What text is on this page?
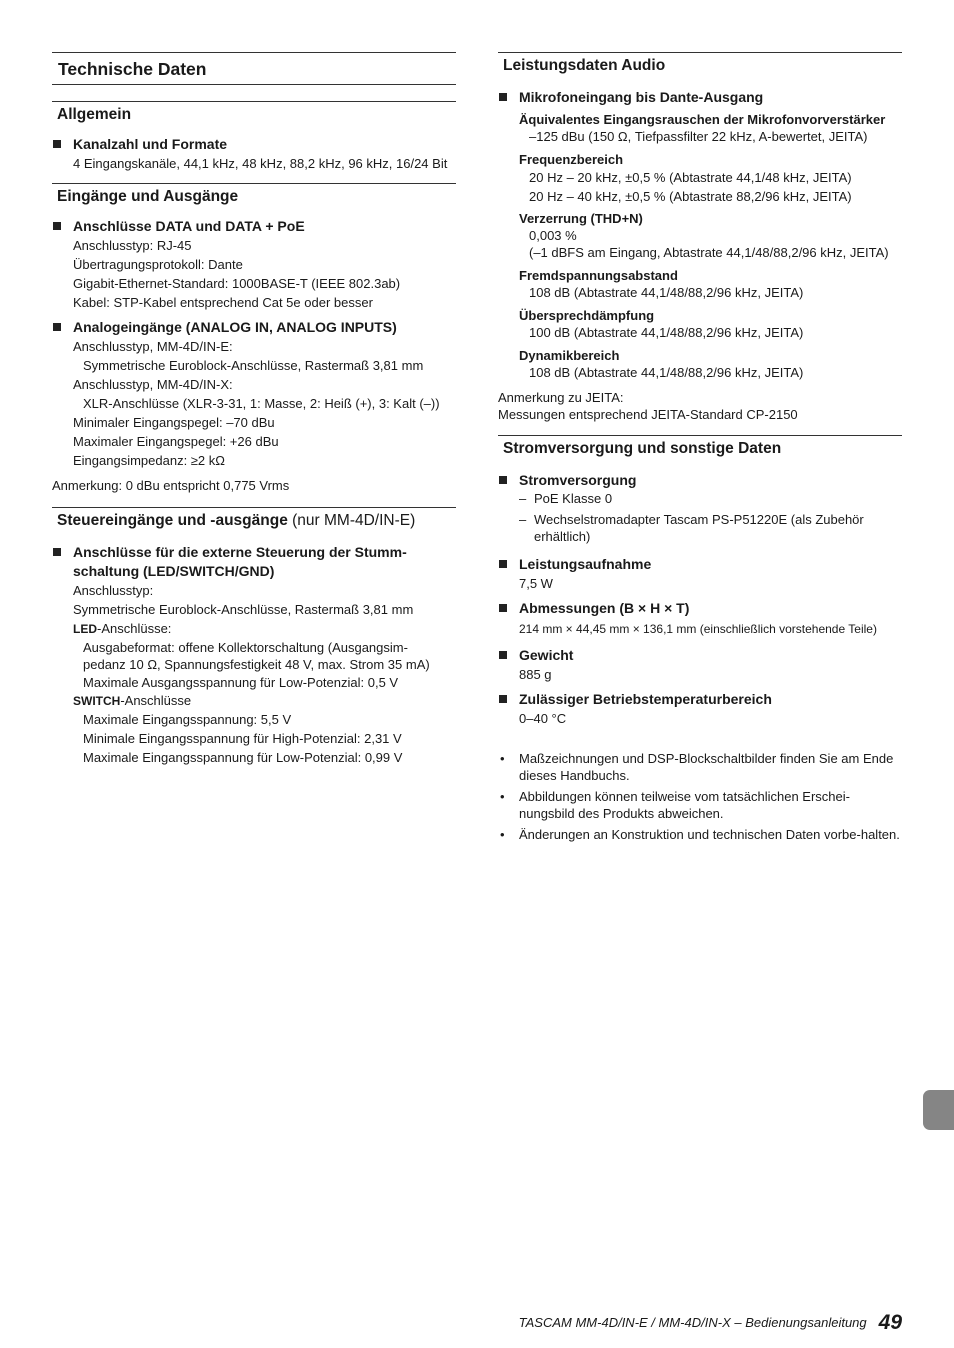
Technische Daten
Allgemein
Kanalzahl und Formate
4 Eingangskanäle, 44,1 kHz, 48 kHz, 88,2 kHz, 96 kHz, 16/24 Bit
Eingänge und Ausgänge
Anschlüsse DATA und DATA + PoE
Anschlusstyp: RJ-45
Übertragungsprotokoll: Dante
Gigabit-Ethernet-Standard: 1000BASE-T (IEEE 802.3ab)
Kabel: STP-Kabel entsprechend Cat 5e oder besser
Analogeingänge (ANALOG IN, ANALOG INPUTS)
Anschlusstyp, MM-4D/IN-E:
Symmetrische Euroblock-Anschlüsse, Rastermaß 3,81 mm
Anschlusstyp, MM-4D/IN-X:
XLR-Anschlüsse (XLR-3-31, 1: Masse, 2: Heiß (+), 3: Kalt (–))
Minimaler Eingangspegel: –70 dBu
Maximaler Eingangspegel: +26 dBu
Eingangsimpedanz: ≥2 kΩ
Anmerkung: 0 dBu entspricht 0,775 Vrms
Steuereingänge und -ausgänge (nur MM-4D/IN-E)
Anschlüsse für die externe Steuerung der Stumm-
schaltung (LED/SWITCH/GND)
Anschlusstyp:
Symmetrische Euroblock-Anschlüsse, Rastermaß 3,81 mm
LED-Anschlüsse:
Ausgabeformat: offene Kollektorschaltung (Ausgangsim-
pedanz 10 Ω, Spannungsfestigkeit 48 V, max. Strom 35 mA)
Maximale Ausgangsspannung für Low-Potenzial: 0,5 V
SWITCH-Anschlüsse
Maximale Eingangsspannung: 5,5 V
Minimale Eingangsspannung für High-Potenzial: 2,31 V
Maximale Eingangsspannung für Low-Potenzial: 0,99 V
Leistungsdaten Audio
Mikrofoneingang bis Dante-Ausgang
Äquivalentes Eingangsrauschen der Mikrofonvorverstärker
–125 dBu (150 Ω, Tiefpassfilter 22 kHz, A-bewertet, JEITA)
Frequenzbereich
20 Hz – 20 kHz, ±0,5 % (Abtastrate 44,1/48 kHz, JEITA)
20 Hz – 40 kHz, ±0,5 % (Abtastrate 88,2/96 kHz, JEITA)
Verzerrung (THD+N)
0,003 %
(–1 dBFS am Eingang, Abtastrate 44,1/48/88,2/96 kHz, JEITA)
Fremdspannungsabstand
108 dB (Abtastrate 44,1/48/88,2/96 kHz, JEITA)
Übersprechdämpfung
100 dB (Abtastrate 44,1/48/88,2/96 kHz, JEITA)
Dynamikbereich
108 dB (Abtastrate 44,1/48/88,2/96 kHz, JEITA)
Anmerkung zu JEITA:
Messungen entsprechend JEITA-Standard CP-2150
Stromversorgung und sonstige Daten
Stromversorgung
– PoE Klasse 0
– Wechselstromadapter Tascam PS-P51220E (als Zubehör erhältlich)
Leistungsaufnahme
7,5 W
Abmessungen (B × H × T)
214 mm × 44,45 mm × 136,1 mm (einschließlich vorstehende Teile)
Gewicht
885 g
Zulässiger Betriebstemperaturbereich
0–40 °C
• Maßzeichnungen und DSP-Blockschaltbilder finden Sie am Ende dieses Handbuchs.
• Abbildungen können teilweise vom tatsächlichen Erschei-nungsbild des Produkts abweichen.
• Änderungen an Konstruktion und technischen Daten vorbe-halten.
TASCAM MM-4D/IN-E / MM-4D/IN-X – Bedienungsanleitung 49
